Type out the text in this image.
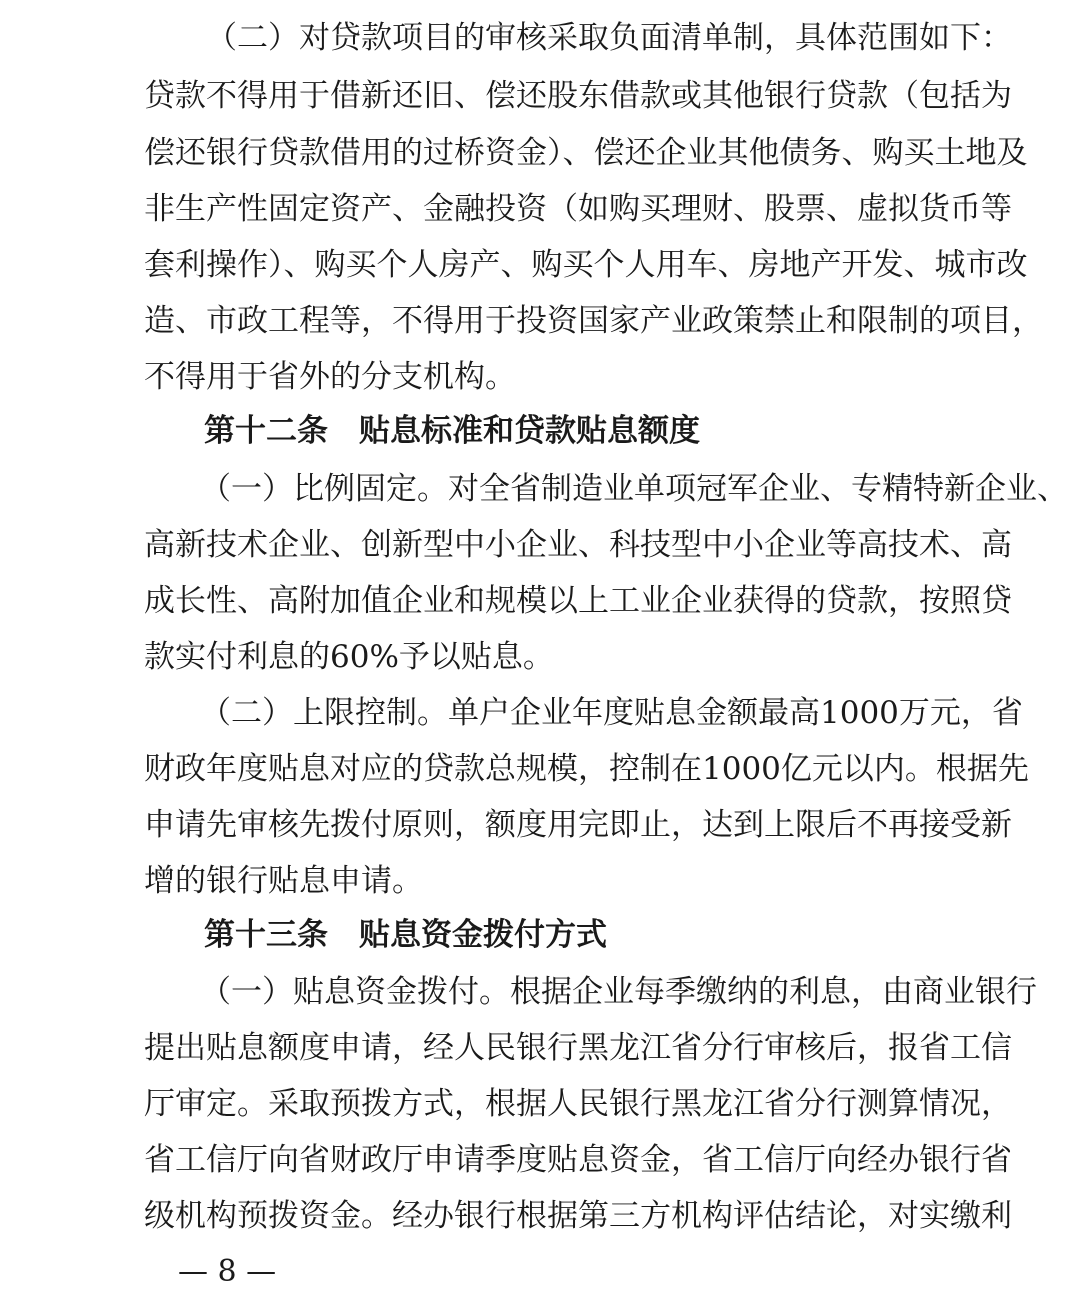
（二）对贷款项目的审核采取负面清单制，具体范围如下：
贷款不得用于借新还旧、偿还股东借款或其他银行贷款（包括为
偿还银行贷款借用的过桥资金）、偿还企业其他债务、购买土地及
非生产性固定资产、金融投资（如购买理财、股票、虚拟货币等
套利操作）、购买个人房产、购买个人用车、房地产开发、城市改
造、市政工程等，不得用于投资国家产业政策禁止和限制的项目，
不得用于省外的分支机构。
第十二条　贴息标准和贷款贴息额度
（一）比例固定。对全省制造业单项冠军企业、专精特新企业、
高新技术企业、创新型中小企业、科技型中小企业等高技术、高
成长性、高附加值企业和规模以上工业企业获得的贷款，按照贷
款实付利息的60%予以贴息。
（二）上限控制。单户企业年度贴息金额最高1000万元，省
财政年度贴息对应的贷款总规模，控制在1000亿元以内。根据先
申请先审核先拨付原则，额度用完即止，达到上限后不再接受新
增的银行贴息申请。
第十三条　贴息资金拨付方式
（一）贴息资金拨付。根据企业每季缴纳的利息，由商业银行
提出贴息额度申请，经人民银行黑龙江省分行审核后，报省工信
厅审定。采取预拨方式，根据人民银行黑龙江省分行测算情况，
省工信厅向省财政厅申请季度贴息资金，省工信厅向经办银行省
级机构预拨资金。经办银行根据第三方机构评估结论，对实缴利
— 8 —
